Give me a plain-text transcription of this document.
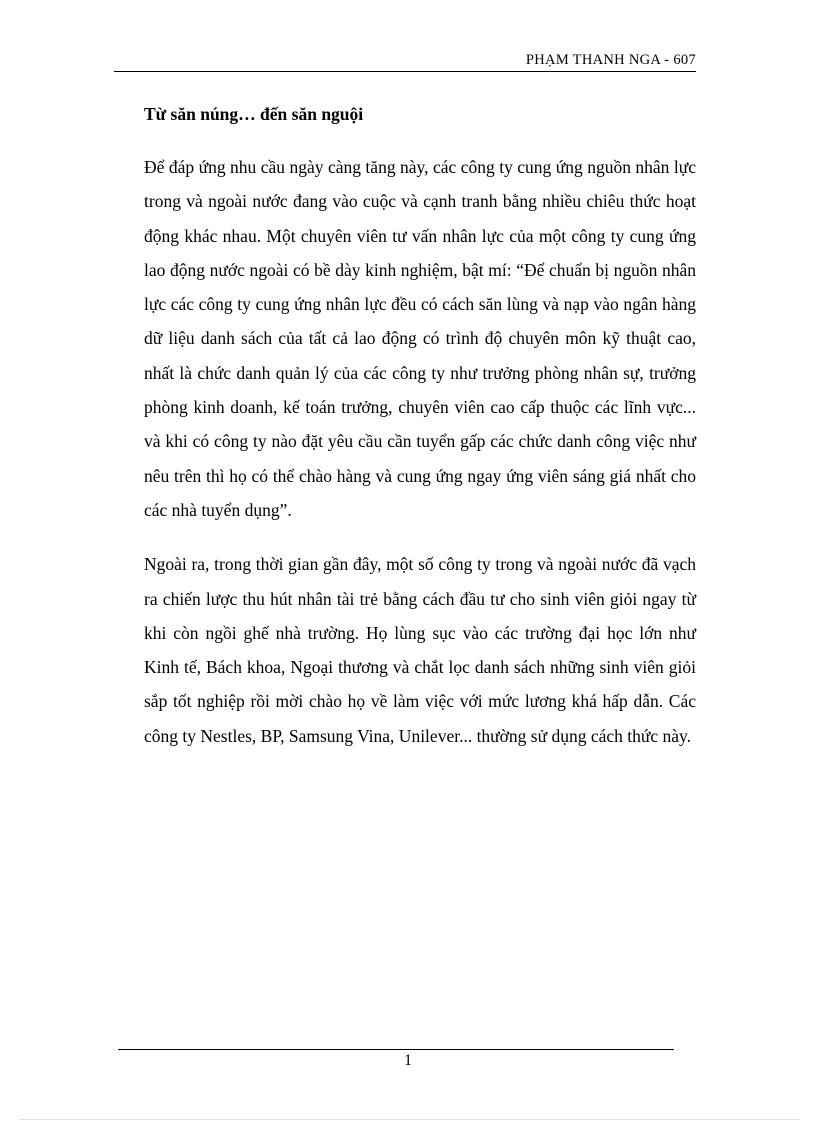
PHẠM THANH NGA - 607

Từ săn núng… đến săn nguội

Để đáp ứng nhu cầu ngày càng tăng này, các công ty cung ứng nguồn nhân lực trong và ngoài nước đang vào cuộc và cạnh tranh bằng nhiều chiêu thức hoạt động khác nhau. Một chuyên viên tư vấn nhân lực của một công ty cung ứng lao động nước ngoài có bề dày kinh nghiệm, bật mí: “Để chuẩn bị nguồn nhân lực các công ty cung ứng nhân lực đều có cách săn lùng và nạp vào ngân hàng dữ liệu danh sách của tất cả lao động có trình độ chuyên môn kỹ thuật cao, nhất là chức danh quản lý của các công ty như trưởng phòng nhân sự, trưởng phòng kinh doanh, kế toán trưởng, chuyên viên cao cấp thuộc các lĩnh vực... và khi có công ty nào đặt yêu cầu cần tuyển gấp các chức danh công việc như nêu trên thì họ có thể chào hàng và cung ứng ngay ứng viên sáng giá nhất cho các nhà tuyển dụng”.

Ngoài ra, trong thời gian gần đây, một số công ty trong và ngoài nước đã vạch ra chiến lược thu hút nhân tài trẻ bằng cách đầu tư cho sinh viên giỏi ngay từ khi còn ngồi ghế nhà trường. Họ lùng sục vào các trường đại học lớn như Kinh tế, Bách khoa, Ngoại thương và chắt lọc danh sách những sinh viên giỏi sắp tốt nghiệp rồi mời chào họ về làm việc với mức lương khá hấp dẫn. Các công ty Nestles, BP, Samsung Vina, Unilever... thường sử dụng cách thức này.

1
